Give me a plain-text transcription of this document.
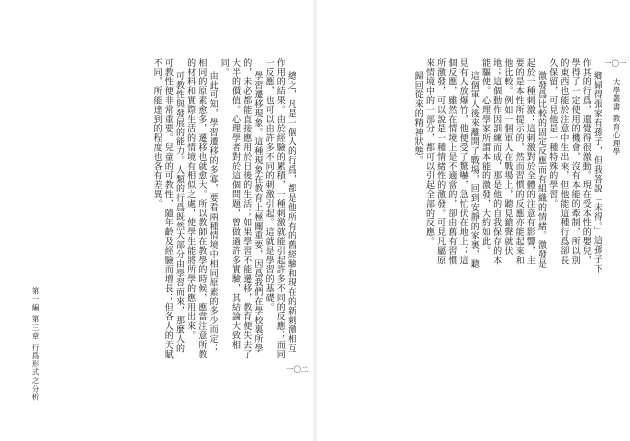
一〇二

總之，凡是一個人的行爲，都是他所有的舊經驗和現在的新刺激相互作用的結果。由於經驗的累積，一種刺激就能引起許多不同的反應；而同一反應，也可以由許多不同的刺激引起。這就是學習的基礎。

學習遷移現象。這種現象在教育上極關重要，因爲我們在學校裏所學的，未必都能直接應用於日後的生活；如果學習不能遷移，教育便失去了大半的價值。心理學者對於這個問題，曾做過許多實驗，其結論大致相同。

由此可知，學習遷移的多寡，要看兩種情境中相同原素的多少而定；相同的原素愈多，遷移也就愈大。所以教師在教學的時候，應當注意所教的材料和實際生活的情境有相似之處，使學生能將所學的應用出來。

可教性與發展的能力。人類的行爲既然大部分由學習而來，那麼人的可教性便非常重要。兒童的可教性，隨年齡及經驗而增長；但各人的天賦不同，所能達到的程度也各有差異。

第一編 第三章 行爲形式之分析
一〇一
大學叢書 教育心理學

鄉婦得張家有孫子，但我答說「未得。」這孫子下作其的行爲，還覺得很激動。現在受本性的嬰兒，學得了一定使用的機會，沒有本能的牽制，所以別的東西也能於注意中生出來，但他能這種行爲卻長久保留，可見他是一種特殊的學習。

激發爲比較的固定反應而有組織的情緒。激發是起於一種刺激：這刺激對於全體的注意有影響，主要的是本性所提示的，然而習慣的反應亦能起來和他比較。例如一個軍人在戰場上，聽見鎗聲就伏地；這個動作因訓練而成，那是他的自我保存的本能驅使。心理學家所謂本能的激發，大約如此。

這個軍人後來離開了戰場，回到安靜的家裏，聽見有人放爆竹，他便受了驚嚇，急忙伏在地上；這個反應，雖然在情境上是不適當的，卻由舊有習慣所激發，可以說是一種情緒性的激發。可見凡屬原來情境中的一部分，都可以引起全部的反應。

歸回從來的精神狀態。
